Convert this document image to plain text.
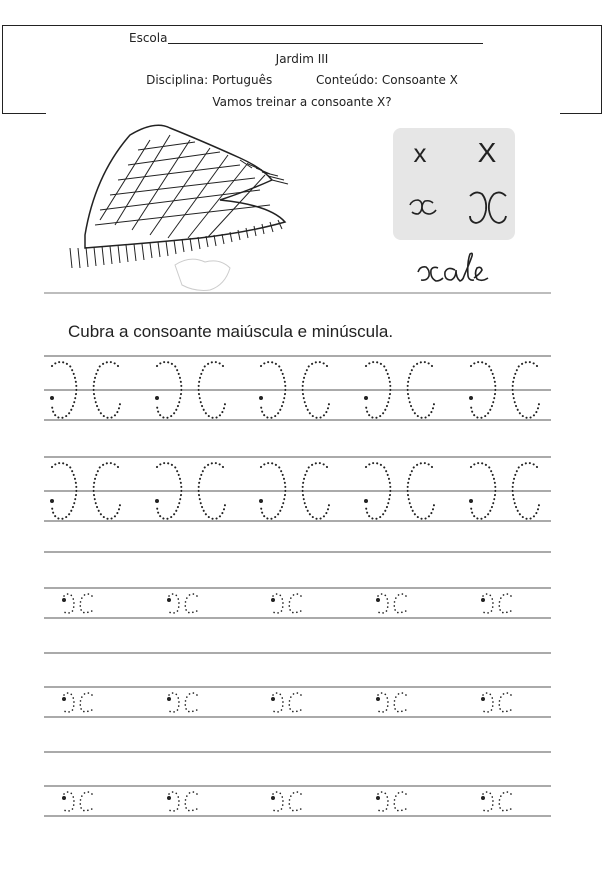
Escola
Jardim III
Disciplina: Português	Conteúdo: Consoante X
Vamos treinar a consoante X?
x X
xale
Cubra a consoante maiúscula e minúscula.
